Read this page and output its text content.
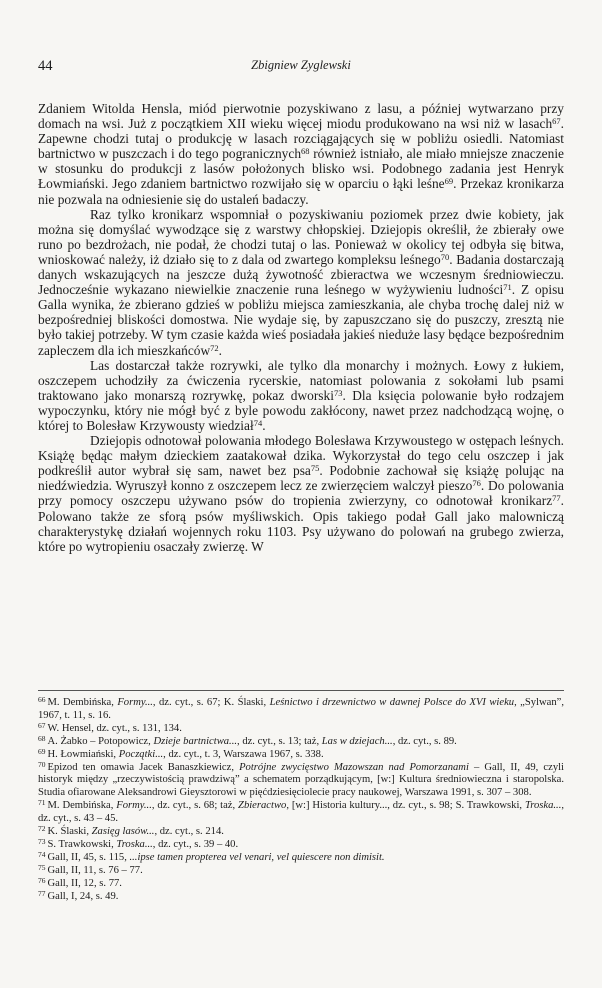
44	Zbigniew Zyglewski

Zdaniem Witolda Hensla, miód pierwotnie pozyskiwano z lasu, a później wytwarzano przy domach na wsi. Już z początkiem XII wieku więcej miodu produkowano na wsi niż w lasach$^{67}$. Zapewne chodzi tutaj o produkcję w lasach rozciągających się w pobliżu osiedli. Natomiast bartnictwo w puszczach i do tego pogranicznych$^{68}$ również istniało, ale miało mniejsze znaczenie w stosunku do produkcji z lasów położonych blisko wsi. Podobnego zadania jest Henryk Łowmiański. Jego zdaniem bartnictwo rozwijało się w oparciu o łąki leśne$^{69}$. Przekaz kronikarza nie pozwala na odniesienie się do ustaleń badaczy.

Raz tylko kronikarz wspomniał o pozyskiwaniu poziomek przez dwie kobiety, jak można się domyślać wywodzące się z warstwy chłopskiej. Dziejopis określił, że zbierały owe runo po bezdrożach, nie podał, że chodzi tutaj o las. Ponieważ w okolicy tej odbyła się bitwa, wnioskować należy, iż działo się to z dala od zwartego kompleksu leśnego$^{70}$. Badania dostarczają danych wskazujących na jeszcze dużą żywotność zbieractwa we wczesnym średniowieczu. Jednocześnie wykazano niewielkie znaczenie runa leśnego w wyżywieniu ludności$^{71}$. Z opisu Galla wynika, że zbierano gdzieś w pobliżu miejsca zamieszkania, ale chyba trochę dalej niż w bezpośredniej bliskości domostwa. Nie wydaje się, by zapuszczano się do puszczy, zresztą nie było takiej potrzeby. W tym czasie każda wieś posiadała jakieś nieduże lasy będące bezpośrednim zapleczem dla ich mieszkańców$^{72}$.

Las dostarczał także rozrywki, ale tylko dla monarchy i możnych. Łowy z łukiem, oszczepem uchodziły za ćwiczenia rycerskie, natomiast polowania z sokołami lub psami traktowano jako monarszą rozrywkę, pokaz dworski$^{73}$. Dla księcia polowanie było rodzajem wypoczynku, który nie mógł być z byle powodu zakłócony, nawet przez nadchodzącą wojnę, o której to Bolesław Krzywousty wiedział$^{74}$.

Dziejopis odnotował polowania młodego Bolesława Krzywoustego w ostępach leśnych. Książę będąc małym dzieckiem zaatakował dzika. Wykorzystał do tego celu oszczep i jak podkreślił autor wybrał się sam, nawet bez psa$^{75}$. Podobnie zachował się książę polując na niedźwiedzia. Wyruszył konno z oszczepem lecz ze zwierzęciem walczył pieszo$^{76}$. Do polowania przy pomocy oszczepu używano psów do tropienia zwierzyny, co odnotował kronikarz$^{77}$. Polowano także ze sforą psów myśliwskich. Opis takiego podał Gall jako malowniczą charakterystykę działań wojennych roku 1103. Psy używano do polowań na grubego zwierza, które po wytropieniu osaczały zwierzę. W

$^{66}$ M. Dembińska, Formy..., dz. cyt., s. 67; K. Ślaski, Leśnictwo i drzewnictwo w dawnej Polsce do XVI wieku, „Sylwan”, 1967, t. 11, s. 16.

$^{67}$ W. Hensel, dz. cyt., s. 131, 134.

$^{68}$ A. Żabko – Potopowicz, Dzieje bartnictwa..., dz. cyt., s. 13; taż, Las w dziejach..., dz. cyt., s. 89.

$^{69}$ H. Łowmiański, Początki..., dz. cyt., t. 3, Warszawa 1967, s. 338.

$^{70}$ Epizod ten omawia Jacek Banaszkiewicz, Potrójne zwycięstwo Mazowszan nad Pomorzanami – Gall, II, 49, czyli historyk między „rzeczywistością prawdziwą” a schematem porządkującym, [w:] Kultura średniowieczna i staropolska. Studia ofiarowane Aleksandrowi Gieysztorowi w pięćdziesięciolecie pracy naukowej, Warszawa 1991, s. 307 – 308.

$^{71}$ M. Dembińska, Formy..., dz. cyt., s. 68; taż, Zbieractwo, [w:] Historia kultury..., dz. cyt., s. 98; S. Trawkowski, Troska..., dz. cyt., s. 43 – 45.

$^{72}$ K. Ślaski, Zasięg lasów..., dz. cyt., s. 214.

$^{73}$ S. Trawkowski, Troska..., dz. cyt., s. 39 – 40.

$^{74}$ Gall, II, 45, s. 115, ...ipse tamen propterea vel venari, vel quiescere non dimisit.

$^{75}$ Gall, II, 11, s. 76 – 77.

$^{76}$ Gall, II, 12, s. 77.

$^{77}$ Gall, I, 24, s. 49.
